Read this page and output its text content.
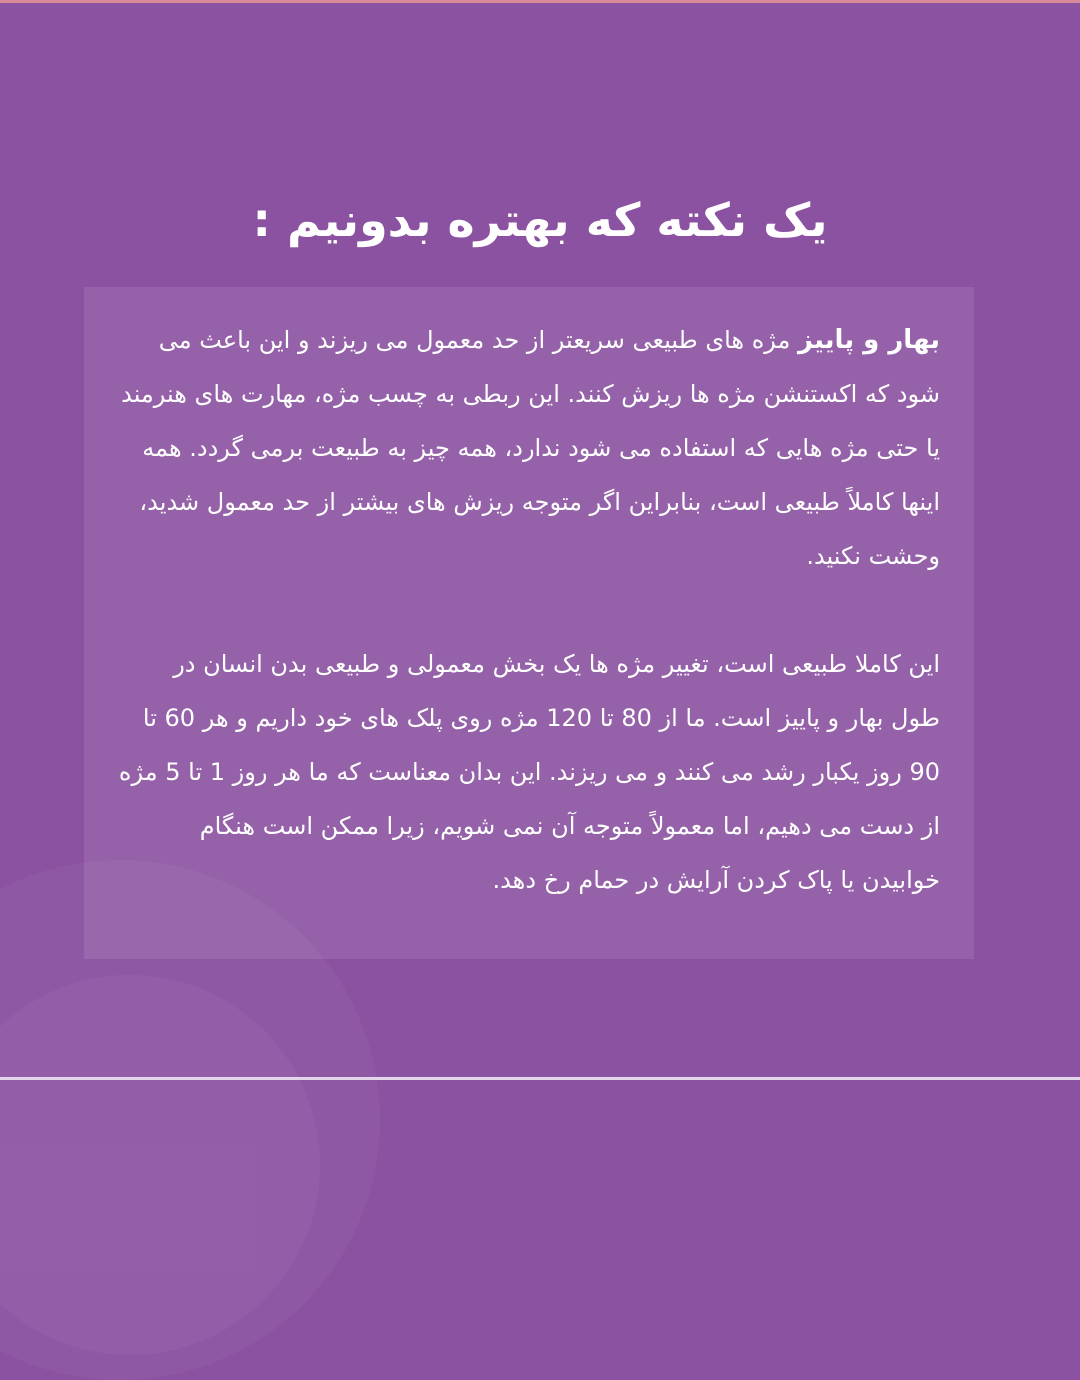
یک نکته که بهتره بدونیم :

بهار و پاییز مژه های طبیعی سریعتر از حد معمول می ریزند و این باعث می شود که اکستنشن مژه ها ریزش کنند. این ربطی به چسب مژه، مهارت های هنرمند یا حتی مژه هایی که استفاده می شود ندارد، همه چیز به طبیعت برمی گردد. همه اینها کاملاً طبیعی است، بنابراین اگر متوجه ریزش های بیشتر از حد معمول شدید، وحشت نکنید.

این کاملا طبیعی است، تغییر مژه ها یک بخش معمولی و طبیعی بدن انسان در طول بهار و پاییز است. ما از 80 تا 120 مژه روی پلک های خود داریم و هر 60 تا 90 روز یکبار رشد می کنند و می ریزند. این بدان معناست که ما هر روز 1 تا 5 مژه از دست می دهیم، اما معمولاً متوجه آن نمی شویم، زیرا ممکن است هنگام خوابیدن یا پاک کردن آرایش در حمام رخ دهد.
